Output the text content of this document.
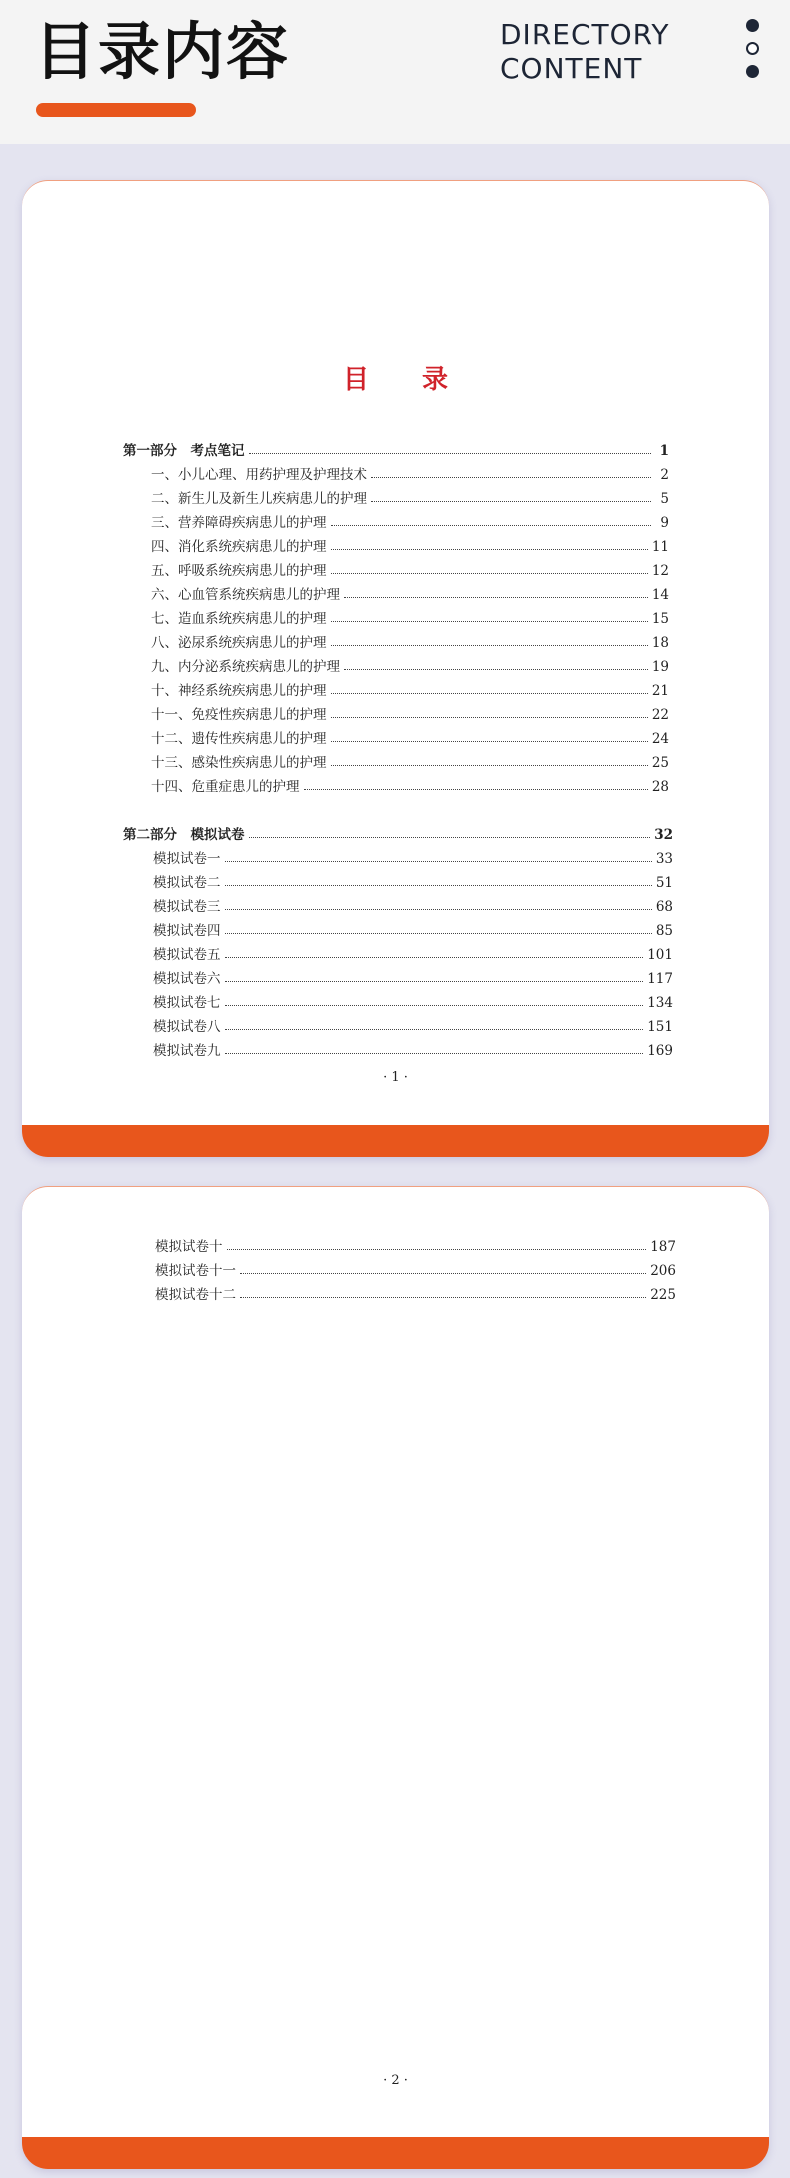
目录内容	DIRECTORY
CONTENT
目 录
第一部分　考点笔记	1
一、小儿心理、用药护理及护理技术	2
二、新生儿及新生儿疾病患儿的护理	5
三、营养障碍疾病患儿的护理	9
四、消化系统疾病患儿的护理	11
五、呼吸系统疾病患儿的护理	12
六、心血管系统疾病患儿的护理	14
七、造血系统疾病患儿的护理	15
八、泌尿系统疾病患儿的护理	18
九、内分泌系统疾病患儿的护理	19
十、神经系统疾病患儿的护理	21
十一、免疫性疾病患儿的护理	22
十二、遗传性疾病患儿的护理	24
十三、感染性疾病患儿的护理	25
十四、危重症患儿的护理	28
第二部分　模拟试卷	32
模拟试卷一	33
模拟试卷二	51
模拟试卷三	68
模拟试卷四	85
模拟试卷五	101
模拟试卷六	117
模拟试卷七	134
模拟试卷八	151
模拟试卷九	169
· 1 ·
模拟试卷十	187
模拟试卷十一	206
模拟试卷十二	225
· 2 ·
